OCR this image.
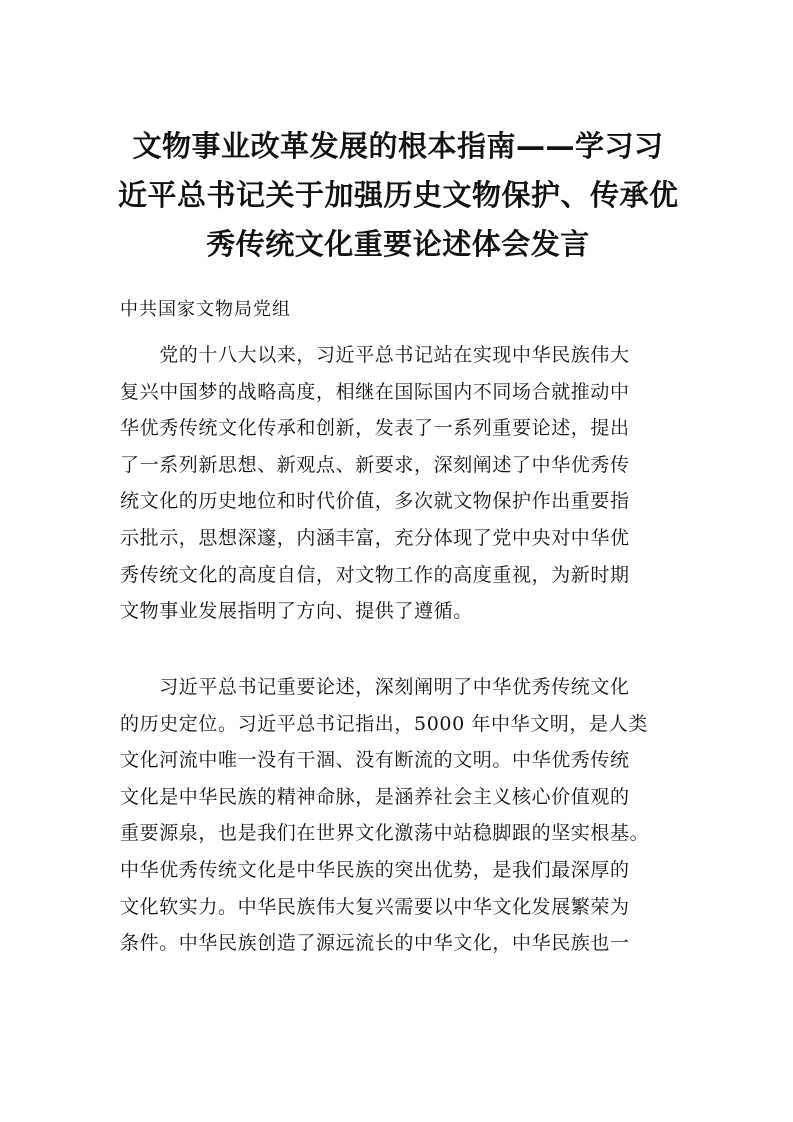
文物事业改革发展的根本指南——学习习
近平总书记关于加强历史文物保护、传承优
秀传统文化重要论述体会发言

中共国家文物局党组

　　党的十八大以来，习近平总书记站在实现中华民族伟大
复兴中国梦的战略高度，相继在国际国内不同场合就推动中
华优秀传统文化传承和创新，发表了一系列重要论述，提出
了一系列新思想、新观点、新要求，深刻阐述了中华优秀传
统文化的历史地位和时代价值，多次就文物保护作出重要指
示批示，思想深邃，内涵丰富，充分体现了党中央对中华优
秀传统文化的高度自信，对文物工作的高度重视，为新时期
文物事业发展指明了方向、提供了遵循。
　　习近平总书记重要论述，深刻阐明了中华优秀传统文化
的历史定位。习近平总书记指出，5000 年中华文明，是人类
文化河流中唯一没有干涸、没有断流的文明。中华优秀传统
文化是中华民族的精神命脉，是涵养社会主义核心价值观的
重要源泉，也是我们在世界文化激荡中站稳脚跟的坚实根基。
中华优秀传统文化是中华民族的突出优势，是我们最深厚的
文化软实力。中华民族伟大复兴需要以中华文化发展繁荣为
条件。中华民族创造了源远流长的中华文化，中华民族也一
